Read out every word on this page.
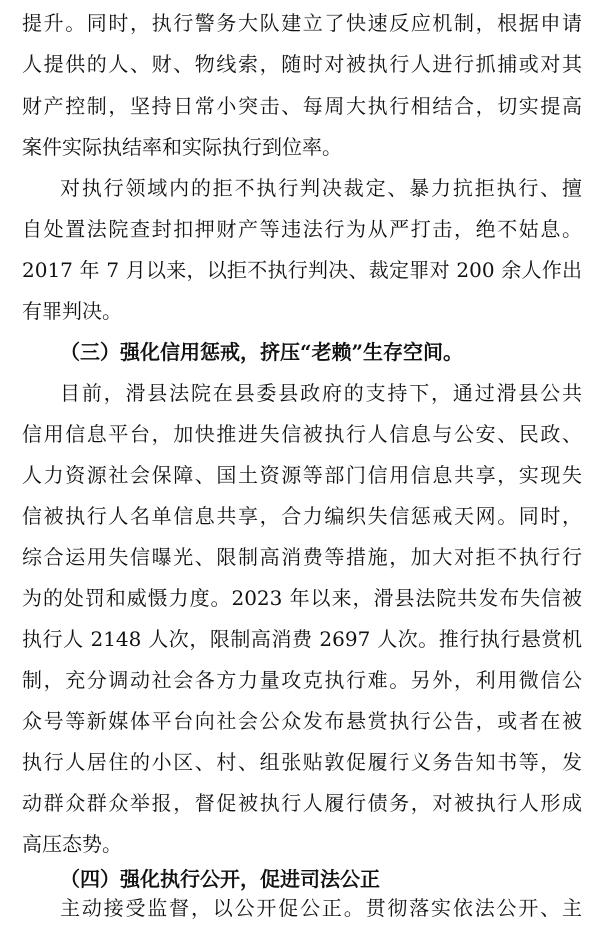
提升。同时，执行警务大队建立了快速反应机制，根据申请
人提供的人、财、物线索，随时对被执行人进行抓捕或对其
财产控制，坚持日常小突击、每周大执行相结合，切实提高
案件实际执结率和实际执行到位率。
对执行领域内的拒不执行判决裁定、暴力抗拒执行、擅
自处置法院查封扣押财产等违法行为从严打击，绝不姑息。
2017 年 7 月以来，以拒不执行判决、裁定罪对 200 余人作出
有罪判决。
（三）强化信用惩戒，挤压“老赖”生存空间。
目前，滑县法院在县委县政府的支持下，通过滑县公共
信用信息平台，加快推进失信被执行人信息与公安、民政、
人力资源社会保障、国土资源等部门信用信息共享，实现失
信被执行人名单信息共享，合力编织失信惩戒天网。同时，
综合运用失信曝光、限制高消费等措施，加大对拒不执行行
为的处罚和威慑力度。2023 年以来，滑县法院共发布失信被
执行人 2148 人次，限制高消费 2697 人次。推行执行悬赏机
制，充分调动社会各方力量攻克执行难。另外，利用微信公
众号等新媒体平台向社会公众发布悬赏执行公告，或者在被
执行人居住的小区、村、组张贴敦促履行义务告知书等，发
动群众群众举报，督促被执行人履行债务，对被执行人形成
高压态势。
（四）强化执行公开，促进司法公正
主动接受监督，以公开促公正。贯彻落实依法公开、主
